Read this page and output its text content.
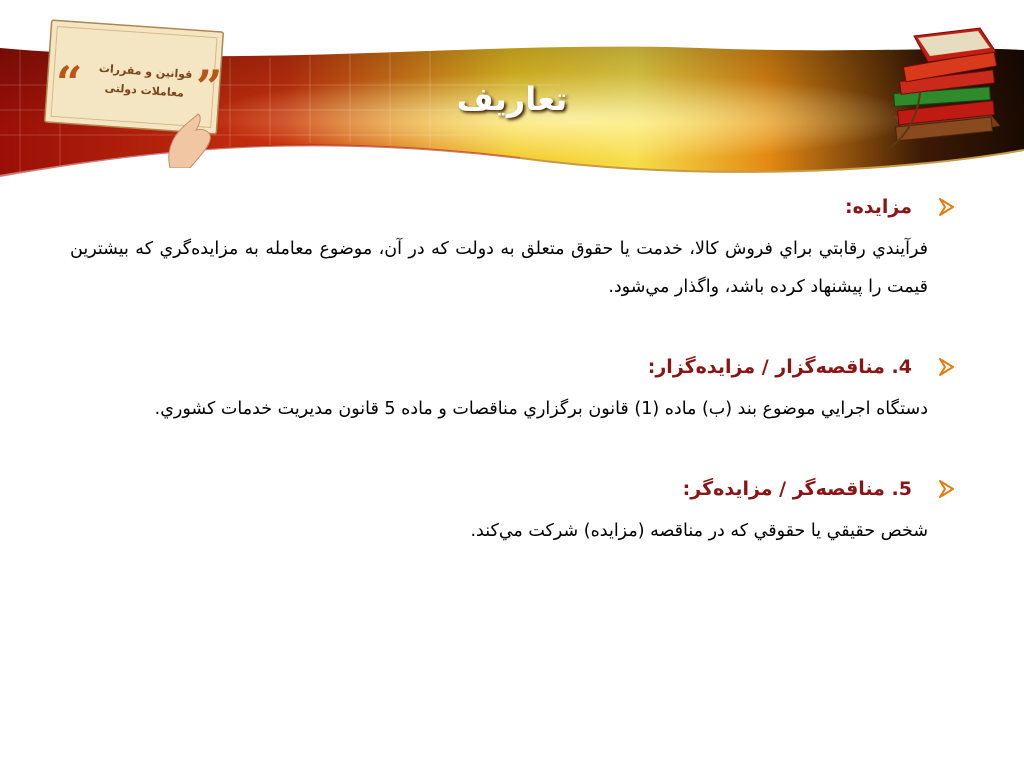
“ ”
قوانین و مقررات
معاملات دولتی	تعاریف
مزايده:
فرآيندي رقابتي براي فروش كالا، خدمت يا حقوق متعلق به دولت كه در آن، موضوع معامله به مزايده‌گري كه بيشترين قيمت را پيشنهاد كرده باشد، واگذار مي‌شود.
4. مناقصه‌گزار / مزايده‌گزار:
دستگاه اجرايي موضوع بند (ب) ماده (1) قانون برگزاري مناقصات و ماده 5 قانون مديريت خدمات كشوري.
5. مناقصه‌گر / مزايده‌گر:
شخص حقيقي يا حقوقي كه در مناقصه (مزايده) شركت مي‌كند.
